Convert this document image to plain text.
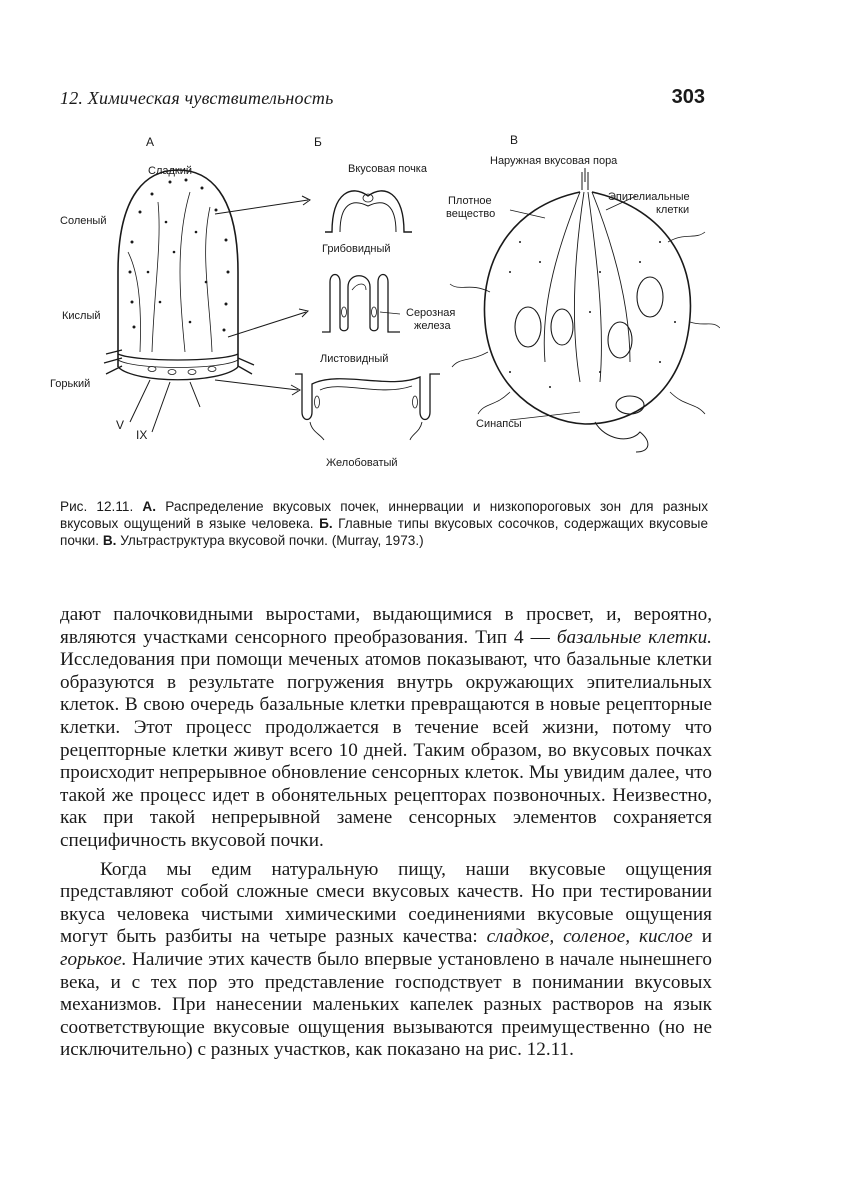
12. Химическая чувствительность	303
А	Б	В
Сладкий
Соленый
Кислый
Горький
V
IX
Вкусовая почка
Грибовидный
Серозная
железа
Листовидный
Желобоватый
Наружная вкусовая пора
Плотное
вещество
Эпителиальные
клетки
Синапсы
Рис. 12.11. А. Распределение вкусовых почек, иннервации и низкопороговых зон для разных вкусовых ощущений в языке человека. Б. Главные типы вкусовых сосочков, содержащих вкусовые почки. В. Ультраструктура вкусовой почки. (Murray, 1973.)

дают палочковидными выростами, выдающимися в просвет, и, вероятно, являются участками сенсорного преобразования. Тип 4 — базальные клетки. Исследования при помощи меченых атомов показывают, что базальные клетки образуются в результате погружения внутрь окружающих эпителиальных клеток. В свою очередь базальные клетки превращаются в новые рецепторные клетки. Этот процесс продолжается в течение всей жизни, потому что рецепторные клетки живут всего 10 дней. Таким образом, во вкусовых почках происходит непрерывное обновление сенсорных клеток. Мы увидим далее, что такой же процесс идет в обонятельных рецепторах позвоночных. Неизвестно, как при такой непрерывной замене сенсорных элементов сохраняется специфичность вкусовой почки.

Когда мы едим натуральную пищу, наши вкусовые ощущения представляют собой сложные смеси вкусовых качеств. Но при тестировании вкуса человека чистыми химическими соединениями вкусовые ощущения могут быть разбиты на четыре разных качества: сладкое, соленое, кислое и горькое. Наличие этих качеств было впервые установлено в начале нынешнего века, и с тех пор это представление господствует в понимании вкусовых механизмов. При нанесении маленьких капелек разных растворов на язык соответствующие вкусовые ощущения вызываются преимущественно (но не исключительно) с разных участков, как показано на рис. 12.11.
